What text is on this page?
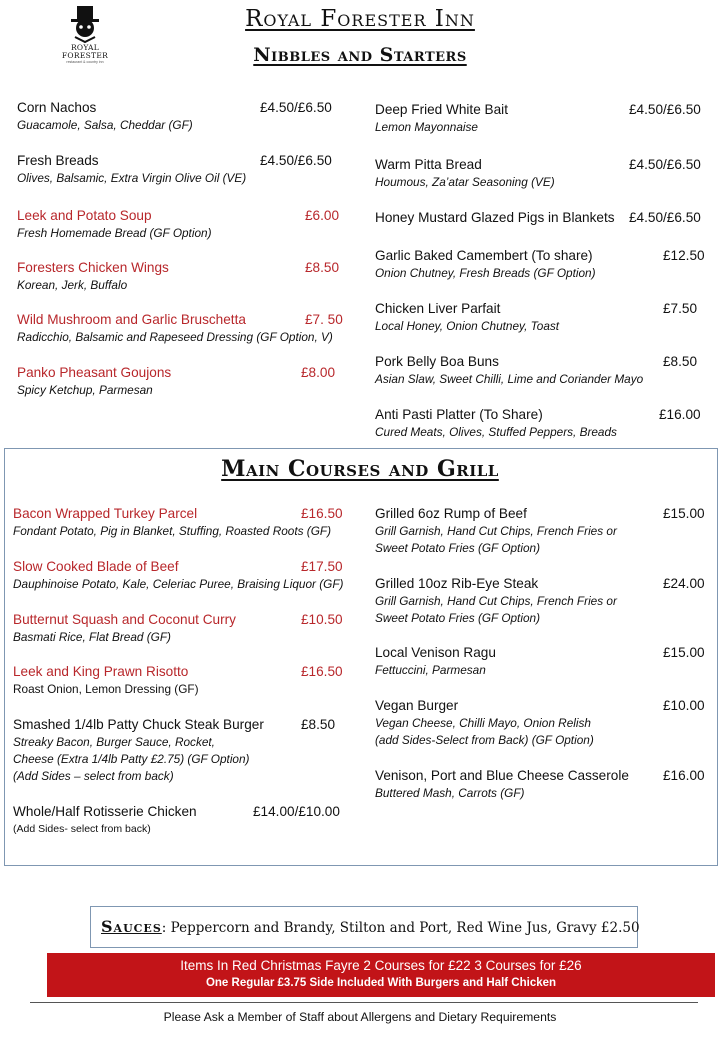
ROYAL
FORESTER
restaurant & country inn
Royal Forester Inn
Nibbles and Starters
Corn Nachos	£4.50/£6.50
Guacamole, Salsa, Cheddar (GF)
Fresh Breads	£4.50/£6.50
Olives, Balsamic, Extra Virgin Olive Oil (VE)
Leek and Potato Soup	£6.00
Fresh Homemade Bread (GF Option)
Foresters Chicken Wings	£8.50
Korean, Jerk, Buffalo
Wild Mushroom and Garlic Bruschetta	£7. 50
Radicchio, Balsamic and Rapeseed Dressing (GF Option, V)
Panko Pheasant Goujons	£8.00
Spicy Ketchup, Parmesan
Deep Fried White Bait	£4.50/£6.50
Lemon Mayonnaise
Warm Pitta Bread	£4.50/£6.50
Houmous, Za’atar Seasoning (VE)
Honey Mustard Glazed Pigs in Blankets £4.50/£6.50
Garlic Baked Camembert (To share)	£12.50
Onion Chutney, Fresh Breads (GF Option)
Chicken Liver Parfait	£7.50
Local Honey, Onion Chutney, Toast
Pork Belly Boa Buns	£8.50
Asian Slaw, Sweet Chilli, Lime and Coriander Mayo
Anti Pasti Platter (To Share)	£16.00
Cured Meats, Olives, Stuffed Peppers, Breads
Main Courses and Grill
Bacon Wrapped Turkey Parcel	£16.50
Fondant Potato, Pig in Blanket, Stuffing, Roasted Roots (GF)
Slow Cooked Blade of Beef	£17.50
Dauphinoise Potato, Kale, Celeriac Puree, Braising Liquor (GF)
Butternut Squash and Coconut Curry	£10.50
Basmati Rice, Flat Bread (GF)
Leek and King Prawn Risotto	£16.50
Roast Onion, Lemon Dressing (GF)
Smashed 1/4lb Patty Chuck Steak Burger	£8.50
Streaky Bacon, Burger Sauce, Rocket,
Cheese (Extra 1/4lb Patty £2.75) (GF Option)
(Add Sides – select from back)
Whole/Half Rotisserie Chicken	£14.00/£10.00
(Add Sides- select from back)
Grilled 6oz Rump of Beef	£15.00
Grill Garnish, Hand Cut Chips, French Fries or
Sweet Potato Fries (GF Option)
Grilled 10oz Rib-Eye Steak	£24.00
Grill Garnish, Hand Cut Chips, French Fries or
Sweet Potato Fries (GF Option)
Local Venison Ragu	£15.00
Fettuccini, Parmesan
Vegan Burger	£10.00
Vegan Cheese, Chilli Mayo, Onion Relish
(add Sides-Select from Back) (GF Option)
Venison, Port and Blue Cheese Casserole	£16.00
Buttered Mash, Carrots (GF)
Sauces: Peppercorn and Brandy, Stilton and Port, Red Wine Jus, Gravy £2.50
Items In Red Christmas Fayre 2 Courses for £22 3 Courses for £26
One Regular £3.75 Side Included With Burgers and Half Chicken
Please Ask a Member of Staff about Allergens and Dietary Requirements
